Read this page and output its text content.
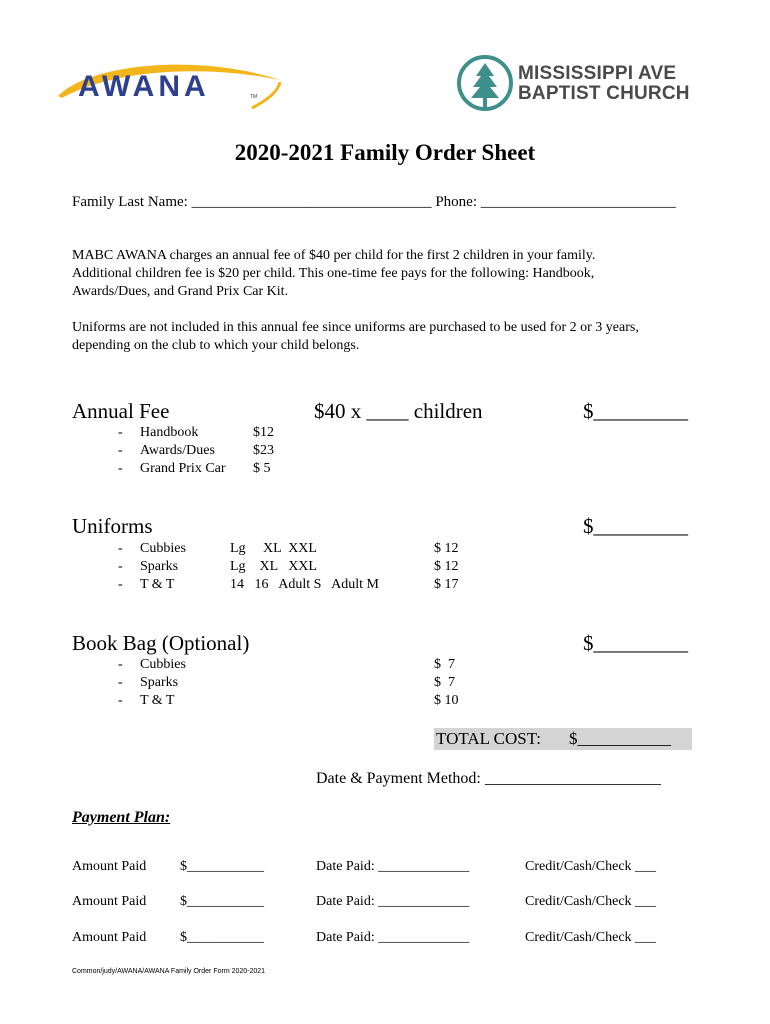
AWANA	TM
MISSISSIPPI AVE
BAPTIST CHURCH
2020-2021 Family Order Sheet
Family Last Name: ________________________________ Phone: __________________________

MABC AWANA charges an annual fee of $40 per child for the first 2 children in your family.

Additional children fee is $20 per child. This one-time fee pays for the following: Handbook,

Awards/Dues, and Grand Prix Car Kit.

Uniforms are not included in this annual fee since uniforms are purchased to be used for 2 or 3 years,

depending on the club to which your child belongs.

Annual Fee	$40 x ____ children	$_________
- Handbook	$12
- Awards/Dues	$23
- Grand Prix Car $ 5
Uniforms	$_________
- Cubbies	Lg     XL  XXL	$ 12
- Sparks	Lg    XL   XXL	$ 12
- T & T	14   16   Adult S   Adult M	$ 17
Book Bag (Optional)	$_________
- Cubbies	$  7
- Sparks	$  7
- T & T	$ 10
TOTAL COST: $___________
Date & Payment Method: ______________________
Payment Plan:
Amount Paid $___________	Date Paid: _____________	Credit/Cash/Check ___
Amount Paid $___________	Date Paid: _____________	Credit/Cash/Check ___
Amount Paid $___________	Date Paid: _____________	Credit/Cash/Check ___
Common/judy/AWANA/AWANA Family Order Form 2020-2021
